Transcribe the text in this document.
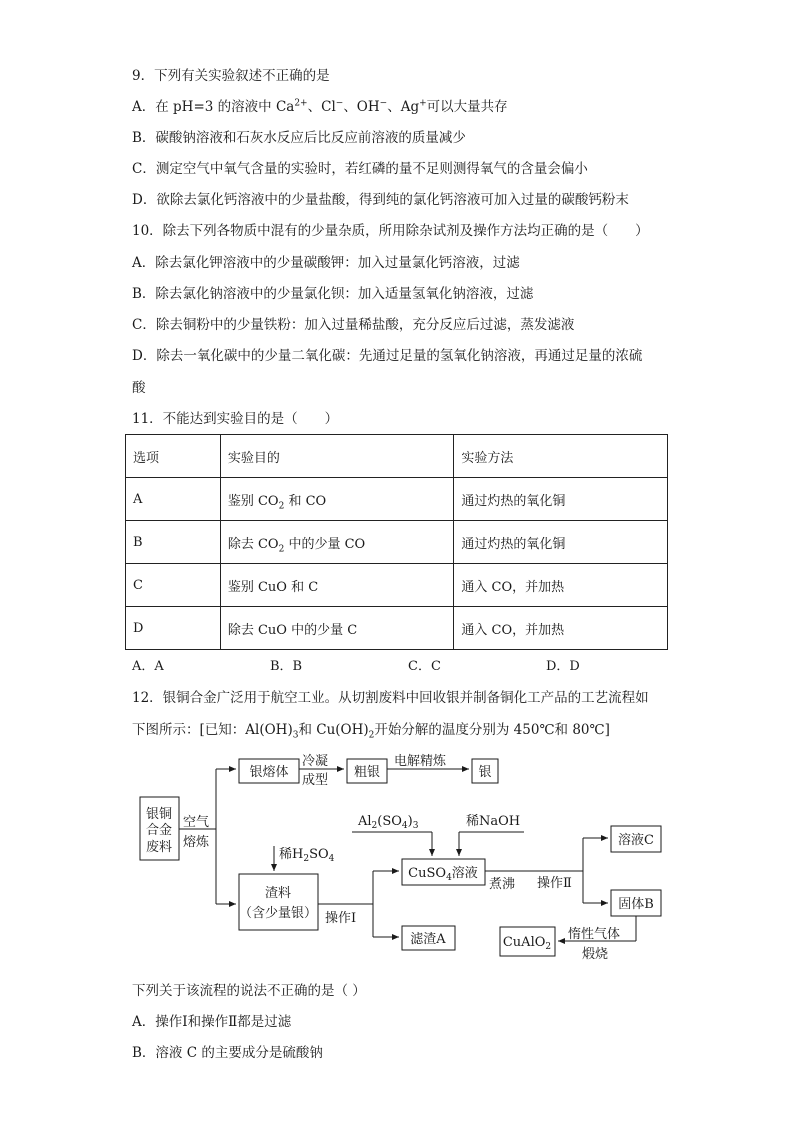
9．下列有关实验叙述不正确的是
A．在 pH=3 的溶液中 $Ca^{2+}$、Cl−、OH−、Ag+可以大量共存
B．碳酸钠溶液和石灰水反应后比反应前溶液的质量减少
C．测定空气中氧气含量的实验时，若红磷的量不足则测得氧气的含量会偏小
D．欲除去氯化钙溶液中的少量盐酸，得到纯的氯化钙溶液可加入过量的碳酸钙粉末
10．除去下列各物质中混有的少量杂质，所用除杂试剂及操作方法均正确的是（　　）
A．除去氯化钾溶液中的少量碳酸钾：加入过量氯化钙溶液，过滤
B．除去氯化钠溶液中的少量氯化钡：加入适量氢氧化钠溶液，过滤
C．除去铜粉中的少量铁粉：加入过量稀盐酸，充分反应后过滤，蒸发滤液
D．除去一氧化碳中的少量二氧化碳：先通过足量的氢氧化钠溶液，再通过足量的浓硫
酸
11．不能达到实验目的是（　　）
选项	实验目的	实验方法
A	鉴别 $CO_2$ 和 CO	通过灼热的氧化铜
B	除去 $CO_2$ 中的少量 CO	通过灼热的氧化铜
C	鉴别 CuO 和 C	通入 CO，并加热
D	除去 CuO 中的少量 C	通入 CO，并加热
A．A	B．B	C．C	D．D
12．银铜合金广泛用于航空工业。从切割废料中回收银并制备铜化工产品的工艺流程如
下图所示：[已知：$Al(OH)_3$和 $Cu(OH)_2$开始分解的温度分别为 450℃和 80℃]
银铜
合金
废料
空气
熔炼
银熔体
冷凝
成型
粗银
电解精炼
银
稀$H_2SO_4$
渣料
（含少量银） 操作Ⅰ
$Al_2(SO_4)_3$	稀NaOH
CuSO$_4$溶液
煮沸 操作Ⅱ
滤渣A
溶液C
固体B
CuAlO$_2$
惰性气体
煅烧
下列关于该流程的说法不正确的是（ ）
A．操作Ⅰ和操作Ⅱ都是过滤
B．溶液 C 的主要成分是硫酸钠
